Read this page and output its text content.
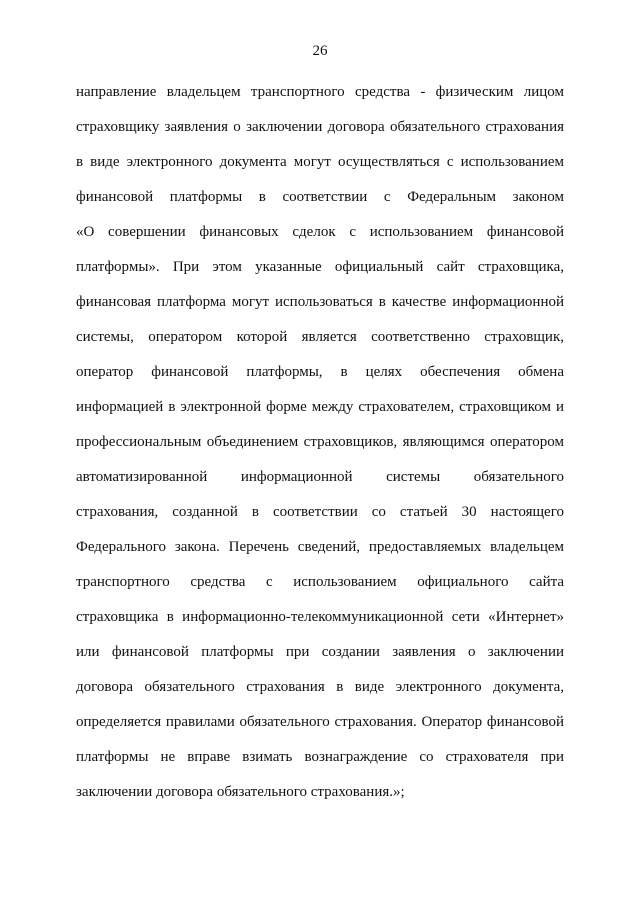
26
направление владельцем транспортного средства - физическим лицом
страховщику заявления о заключении договора обязательного страхования
в виде электронного документа могут осуществляться с использованием
финансовой платформы в соответствии с Федеральным законом
«О совершении финансовых сделок с использованием финансовой
платформы». При этом указанные официальный сайт страховщика,
финансовая платформа могут использоваться в качестве информационной
системы, оператором которой является соответственно страховщик,
оператор финансовой платформы, в целях обеспечения обмена
информацией в электронной форме между страхователем, страховщиком и
профессиональным объединением страховщиков, являющимся оператором
автоматизированной информационной системы обязательного
страхования, созданной в соответствии со статьей 30 настоящего
Федерального закона. Перечень сведений, предоставляемых владельцем
транспортного средства с использованием официального сайта
страховщика в информационно-телекоммуникационной сети «Интернет»
или финансовой платформы при создании заявления о заключении
договора обязательного страхования в виде электронного документа,
определяется правилами обязательного страхования. Оператор финансовой
платформы не вправе взимать вознаграждение со страхователя при
заключении договора обязательного страхования.»;
